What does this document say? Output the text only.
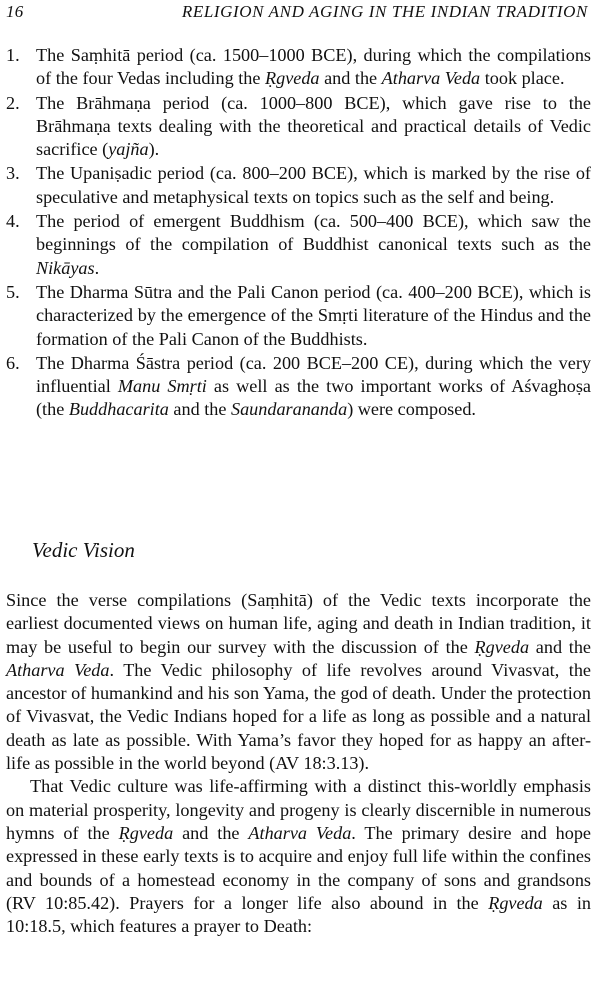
16	RELIGION AND AGING IN THE INDIAN TRADITION
1. The Saṃhitā period (ca. 1500–1000 BCE), during which the compilations of the four Vedas including the Ṛgveda and the Atharva Veda took place.
2. The Brāhmaṇa period (ca. 1000–800 BCE), which gave rise to the Brāhmaṇa texts dealing with the theoretical and practical details of Vedic sacrifice (yajña).
3. The Upaniṣadic period (ca. 800–200 BCE), which is marked by the rise of speculative and metaphysical texts on topics such as the self and being.
4. The period of emergent Buddhism (ca. 500–400 BCE), which saw the beginnings of the compilation of Buddhist canonical texts such as the Nikāyas.
5. The Dharma Sūtra and the Pali Canon period (ca. 400–200 BCE), which is characterized by the emergence of the Smṛti literature of the Hindus and the formation of the Pali Canon of the Buddhists.
6. The Dharma Śāstra period (ca. 200 BCE–200 CE), during which the very influential Manu Smṛti as well as the two important works of Aśvaghoṣa (the Buddhacarita and the Saundarananda) were composed.
Vedic Vision

Since the verse compilations (Saṃhitā) of the Vedic texts incorporate the earliest documented views on human life, aging and death in Indian tradition, it may be useful to begin our survey with the discussion of the Ṛgveda and the Atharva Veda. The Vedic philosophy of life revolves around Vivasvat, the ancestor of humankind and his son Yama, the god of death. Under the protection of Vivasvat, the Vedic Indians hoped for a life as long as possible and a natural death as late as possible. With Yama’s favor they hoped for as happy an after-life as possible in the world beyond (AV 18:3.13).

That Vedic culture was life-affirming with a distinct this-worldly emphasis on material prosperity, longevity and progeny is clearly discernible in numerous hymns of the Ṛgveda and the Atharva Veda. The primary desire and hope expressed in these early texts is to acquire and enjoy full life within the confines and bounds of a homestead economy in the company of sons and grandsons (RV 10:85.42). Prayers for a longer life also abound in the Ṛgveda as in 10:18.5, which features a prayer to Death:
